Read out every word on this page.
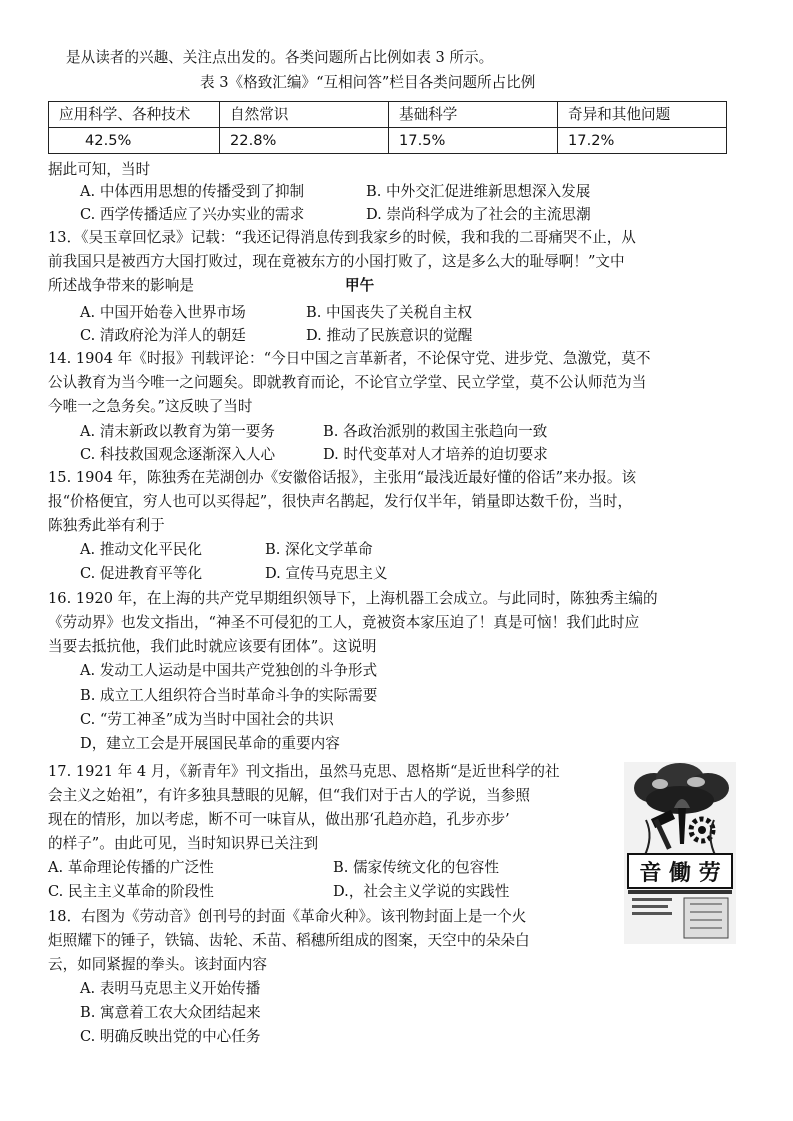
是从读者的兴趣、关注点出发的。各类问题所占比例如表 3 所示。
表 3《格致汇编》“互相问答”栏目各类问题所占比例
应用科学、各种技术	自然常识	基础科学	奇异和其他问题
42.5%	22.8%	17.5%	17.2%
据此可知，当时
A. 中体西用思想的传播受到了抑制	B. 中外交汇促进维新思想深入发展
C. 西学传播适应了兴办实业的需求	D. 崇尚科学成为了社会的主流思潮
13．《吴玉章回忆录》记载：“我还记得消息传到我家乡的时候，我和我的二哥痛哭不止，从
前我国只是被西方大国打败过，现在竟被东方的小国打败了，这是多么大的耻辱啊！”文中
所述战争带来的影响是	甲午
A. 中国开始卷入世界市场	B. 中国丧失了关税自主权
C. 清政府沦为洋人的朝廷	D. 推动了民族意识的觉醒
14. 1904 年《时报》刊载评论：“今日中国之言革新者，不论保守党、进步党、急激党，莫不
公认教育为当今唯一之问题矣。即就教育而论，不论官立学堂、民立学堂，莫不公认师范为当
今唯一之急务矣。”这反映了当时
A. 清末新政以教育为第一要务	B. 各政治派别的救国主张趋向一致
C. 科技救国观念逐渐深入人心	D. 时代变革对人才培养的迫切要求
15. 1904 年，陈独秀在芜湖创办《安徽俗话报》，主张用“最浅近最好懂的俗话”来办报。该
报“价格便宜，穷人也可以买得起”，很快声名鹊起，发行仅半年，销量即达数千份，当时，
陈独秀此举有利于
A. 推动文化平民化	B. 深化文学革命
C. 促进教育平等化	D. 宣传马克思主义
16. 1920 年，在上海的共产党早期组织领导下，上海机器工会成立。与此同时，陈独秀主编的
《劳动界》也发文指出，“神圣不可侵犯的工人，竟被资本家压迫了！真是可恼！我们此时应
当要去抵抗他，我们此时就应该要有团体”。这说明
A. 发动工人运动是中国共产党独创的斗争形式
B. 成立工人组织符合当时革命斗争的实际需要
C. “劳工神圣”成为当时中国社会的共识
D，建立工会是开展国民革命的重要内容
17. 1921 年 4 月，《新青年》刊文指出，虽然马克思、恩格斯“是近世科学的社
会主义之始祖”，有许多独具慧眼的见解，但“我们对于古人的学说，当参照
现在的情形，加以考虑，断不可一味盲从，做出那‘孔趋亦趋，孔步亦步’
的样子”。由此可见，当时知识界已关注到
A. 革命理论传播的广泛性	B. 儒家传统文化的包容性
C. 民主主义革命的阶段性	D.，社会主义学说的实践性
18．右图为《劳动音》创刊号的封面《革命火种》。该刊物封面上是一个火
炬照耀下的锤子，铁镐、齿轮、禾苗、稻穗所组成的图案，天空中的朵朵白
云，如同紧握的拳头。该封面内容
A. 表明马克思主义开始传播
B. 寓意着工农大众团结起来
C. 明确反映出党的中心任务
音 働 劳
